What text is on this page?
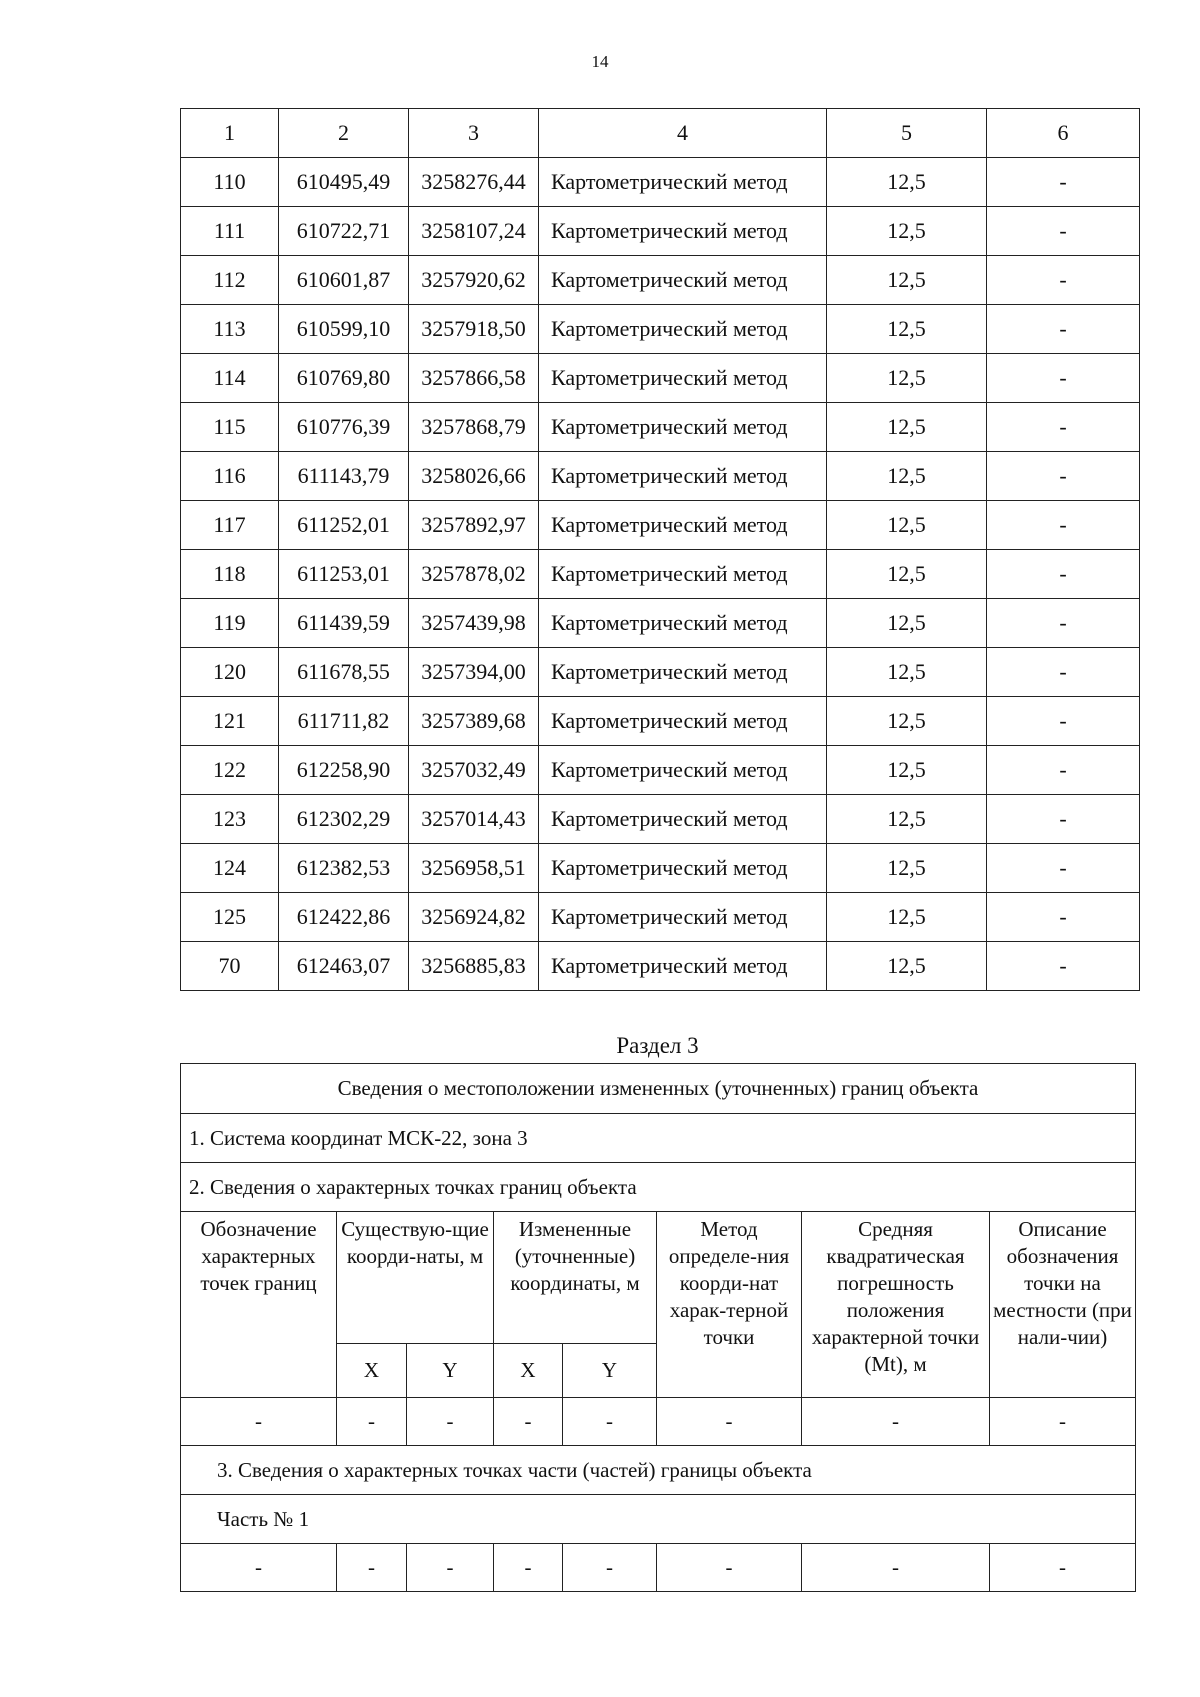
14
1	2	3	4	5	6
110	610495,49	3258276,44	Картометрический метод	12,5	-
111	610722,71	3258107,24	Картометрический метод	12,5	-
112	610601,87	3257920,62	Картометрический метод	12,5	-
113	610599,10	3257918,50	Картометрический метод	12,5	-
114	610769,80	3257866,58	Картометрический метод	12,5	-
115	610776,39	3257868,79	Картометрический метод	12,5	-
116	611143,79	3258026,66	Картометрический метод	12,5	-
117	611252,01	3257892,97	Картометрический метод	12,5	-
118	611253,01	3257878,02	Картометрический метод	12,5	-
119	611439,59	3257439,98	Картометрический метод	12,5	-
120	611678,55	3257394,00	Картометрический метод	12,5	-
121	611711,82	3257389,68	Картометрический метод	12,5	-
122	612258,90	3257032,49	Картометрический метод	12,5	-
123	612302,29	3257014,43	Картометрический метод	12,5	-
124	612382,53	3256958,51	Картометрический метод	12,5	-
125	612422,86	3256924,82	Картометрический метод	12,5	-
70	612463,07	3256885,83	Картометрический метод	12,5	-
Раздел 3
Сведения о местоположении измененных (уточненных) границ объекта							
1. Система координат МСК-22, зона 3							
2. Сведения о характерных точках границ объекта							
Обозначение характерных точек границ	Существую-щие коорди-наты, м		Измененные (уточненные) координаты, м		Метод определе-ния коорди-нат харак-терной точки	Средняя квадратическая погрешность положения характерной точки (Mt), м	Описание обозначения точки на местности (при нали-чии)
	X	Y	X	Y			
-	-	-	-	-	-	-	-
3. Сведения о характерных точках части (частей) границы объекта							
Часть № 1							
-	-	-	-	-	-	-	-
